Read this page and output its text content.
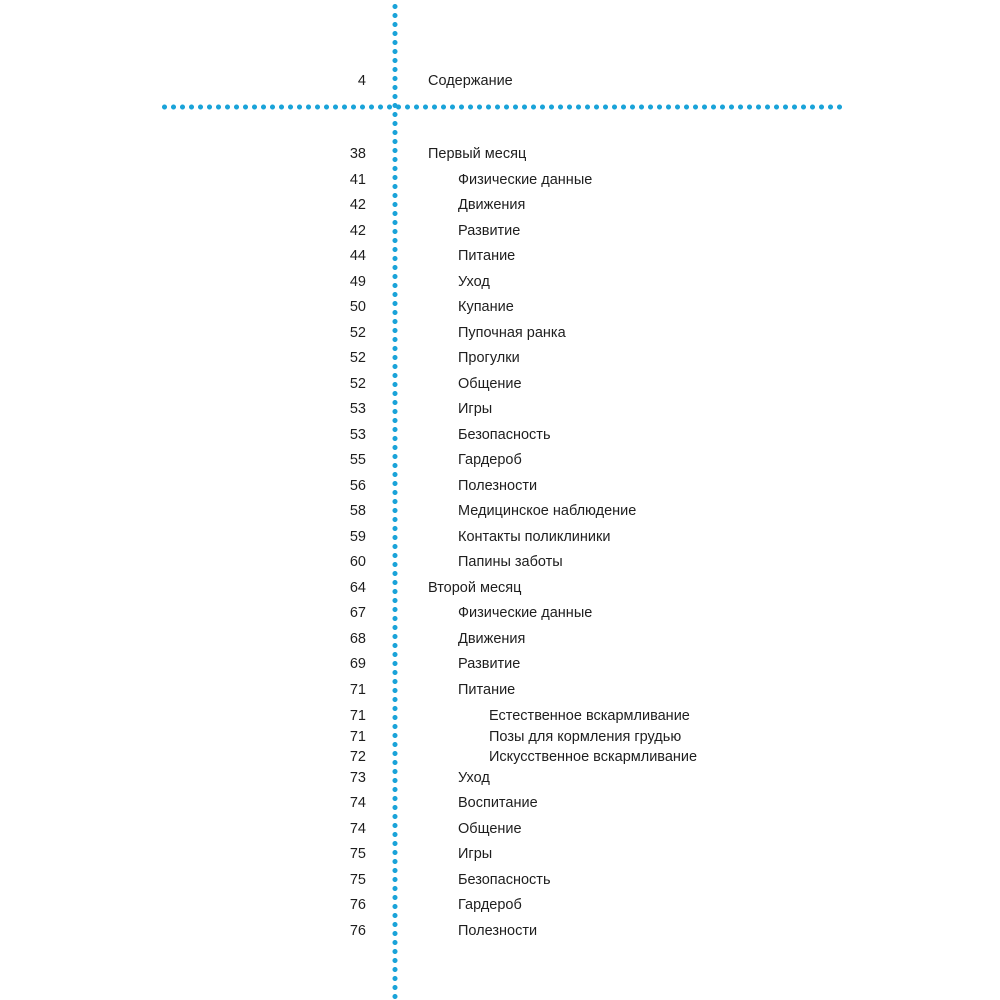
4	Содержание
38	Первый месяц
41	Физические данные
42	Движения
42	Развитие
44	Питание
49	Уход
50	Купание
52	Пупочная ранка
52	Прогулки
52	Общение
53	Игры
53	Безопасность
55	Гардероб
56	Полезности
58	Медицинское наблюдение
59	Контакты поликлиники
60	Папины заботы
64	Второй месяц
67	Физические данные
68	Движения
69	Развитие
71	Питание
71	Естественное вскармливание
71	Позы для кормления грудью
72	Искусственное вскармливание
73	Уход
74	Воспитание
74	Общение
75	Игры
75	Безопасность
76	Гардероб
76	Полезности
